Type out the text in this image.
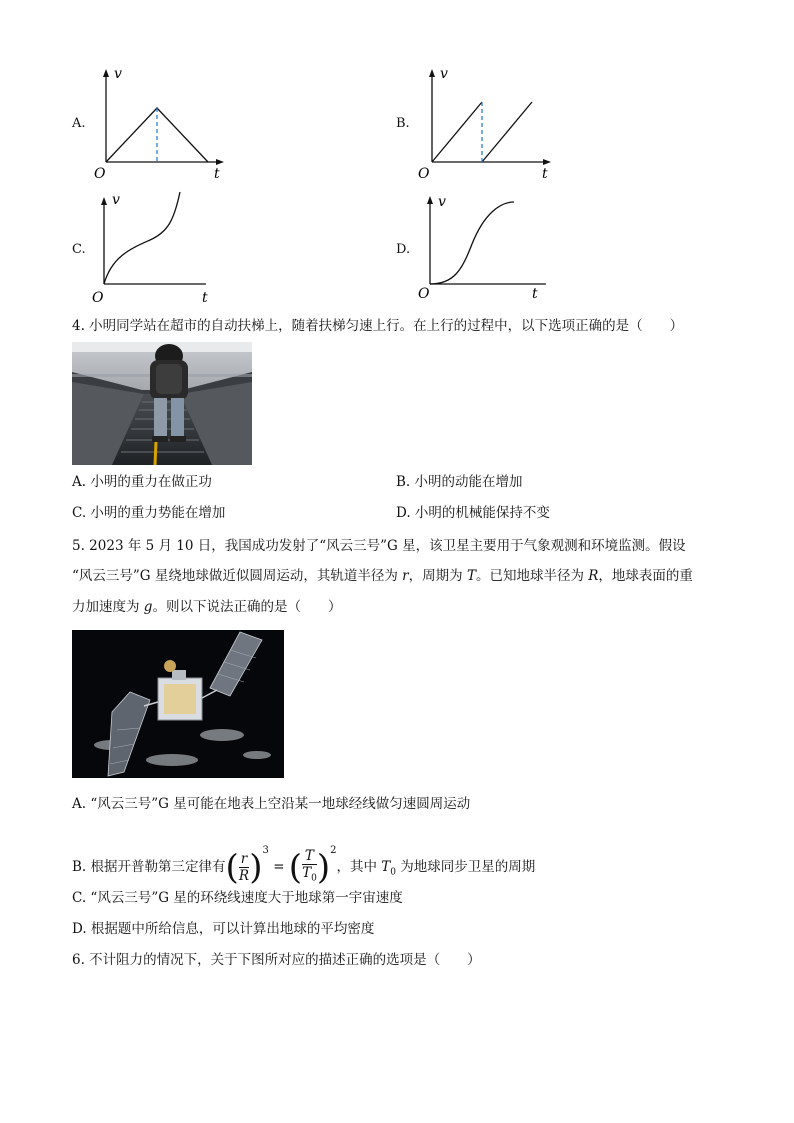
A.
v
t
O
B.
v
t
O
C.
v
t
O
D.
v
t
O
4. 小明同学站在超市的自动扶梯上，随着扶梯匀速上行。在上行的过程中，以下选项正确的是（　　）
A. 小明的重力在做正功	B. 小明的动能在增加
C. 小明的重力势能在增加	D. 小明的机械能保持不变
5. 2023 年 5 月 10 日，我国成功发射了“风云三号”G 星，该卫星主要用于气象观测和环境监测。假设
“风云三号”G 星绕地球做近似圆周运动，其轨道半径为 r，周期为 T。已知地球半径为 R，地球表面的重
力加速度为 g。则以下说法正确的是（　　）
A. “风云三号”G 星可能在地表上空沿某一地球经线做匀速圆周运动
B. 根据开普勒第三定律有( $\frac{r}{R} )^3$ = ( $\frac{T}{T_0} )^2$，其中 $T_0$ 为地球同步卫星的周期
C. “风云三号”G 星的环绕线速度大于地球第一宇宙速度
D. 根据题中所给信息，可以计算出地球的平均密度
6. 不计阻力的情况下，关于下图所对应的描述正确的选项是（　　）
